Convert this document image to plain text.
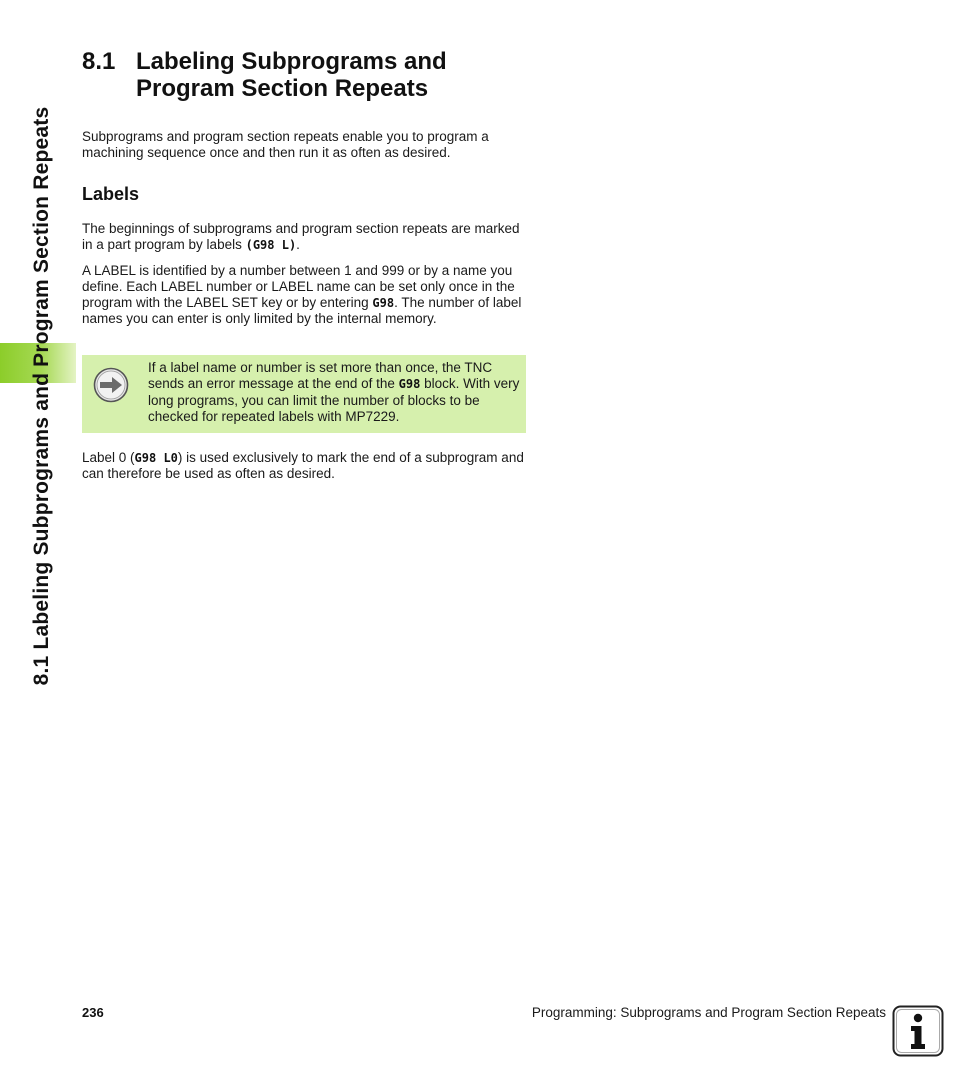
8.1 Labeling Subprograms and Program Section Repeats
8.1 Labeling Subprograms and
Program Section Repeats

Subprograms and program section repeats enable you to program a machining sequence once and then run it as often as desired.

Labels

The beginnings of subprograms and program section repeats are marked in a part program by labels (G98 L).

A LABEL is identified by a number between 1 and 999 or by a name you define. Each LABEL number or LABEL name can be set only once in the program with the LABEL SET key or by entering G98. The number of label names you can enter is only limited by the internal memory.

If a label name or number is set more than once, the TNC sends an error message at the end of the G98 block. With very long programs, you can limit the number of blocks to be checked for repeated labels with MP7229.

Label 0 (G98 L0) is used exclusively to mark the end of a subprogram and can therefore be used as often as desired.

236	Programming: Subprograms and Program Section Repeats
